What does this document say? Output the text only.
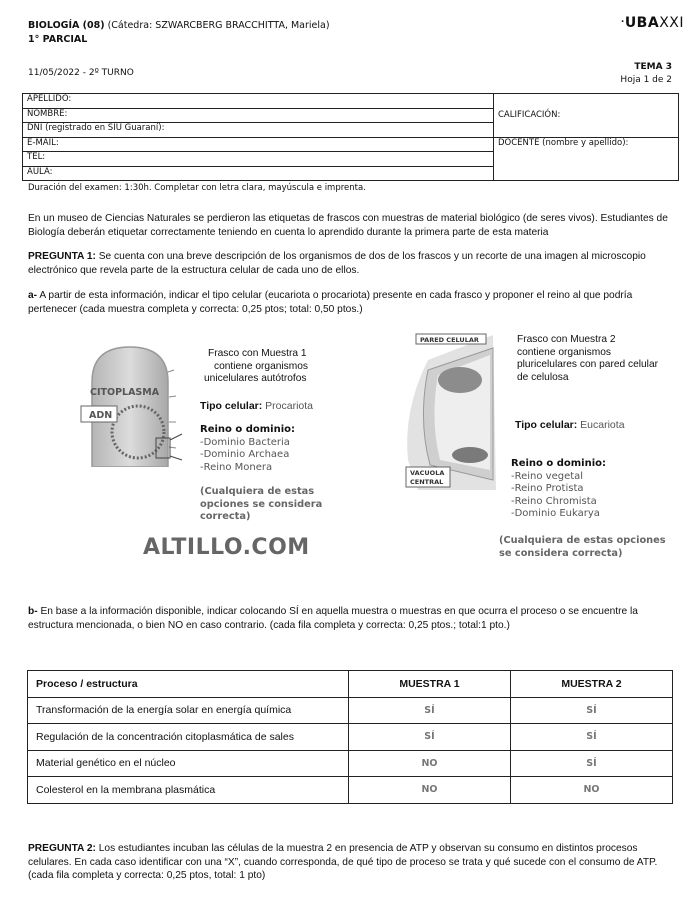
BIOLOGÍA (08) (Cátedra: SZWARCBERG BRACCHITTA, Mariela)
1° PARCIAL
.UBAXXI
11/05/2022 - 2º TURNO
TEMA 3
Hoja 1 de 2
APELLIDO:	CALIFICACIÓN:
NOMBRE:	
DNI (registrado en SIU Guaraní):	
E-MAIL:	DOCENTE (nombre y apellido):
TEL:	
AULA:	
Duración del examen: 1:30h. Completar con letra clara, mayúscula e imprenta.
En un museo de Ciencias Naturales se perdieron las etiquetas de frascos con muestras de material biológico (de seres vivos). Estudiantes de Biología deberán etiquetar correctamente teniendo en cuenta lo aprendido durante la primera parte de esta materia
PREGUNTA 1: Se cuenta con una breve descripción de los organismos de dos de los frascos y un recorte de una imagen al microscopio electrónico que revela parte de la estructura celular de cada uno de ellos.
a- A partir de esta información, indicar el tipo celular (eucariota o procariota) presente en cada frasco y proponer el reino al que podría pertenecer (cada muestra completa y correcta: 0,25 ptos; total: 0,50 ptos.)
CITOPLASMA
ADN
Frasco con Muestra 1
contiene organismos
unicelulares autótrofos
Tipo celular: Procariota
Reino o dominio:
-Dominio Bacteria
-Dominio Archaea
-Reino Monera
(Cualquiera de estas
opciones se considera
correcta)
PARED CELULAR
VACUOLA
CENTRAL
Frasco con Muestra 2
contiene organismos
pluricelulares con pared celular
de celulosa
Tipo celular: Eucariota
Reino o dominio:
-Reino vegetal
-Reino Protista
-Reino Chromista
-Dominio Eukarya
(Cualquiera de estas opciones
se considera correcta)
ALTILLO.COM
b- En base a la información disponible, indicar colocando SÍ en aquella muestra o muestras en que ocurra el proceso o se encuentre la estructura mencionada, o bien NO en caso contrario. (cada fila completa y correcta: 0,25 ptos.; total:1 pto.)
Proceso / estructura	MUESTRA 1	MUESTRA 2
Transformación de la energía solar en energía química	SÍ	SÍ
Regulación de la concentración citoplasmática de sales	SÍ	SÍ
Material genético en el núcleo	NO	SÍ
Colesterol en la membrana plasmática	NO	NO
PREGUNTA 2: Los estudiantes incuban las células de la muestra 2 en presencia de ATP y observan su consumo en distintos procesos celulares. En cada caso identificar con una “X”, cuando corresponda, de qué tipo de proceso se trata y qué sucede con el consumo de ATP. (cada fila completa y correcta: 0,25 ptos, total: 1 pto)
